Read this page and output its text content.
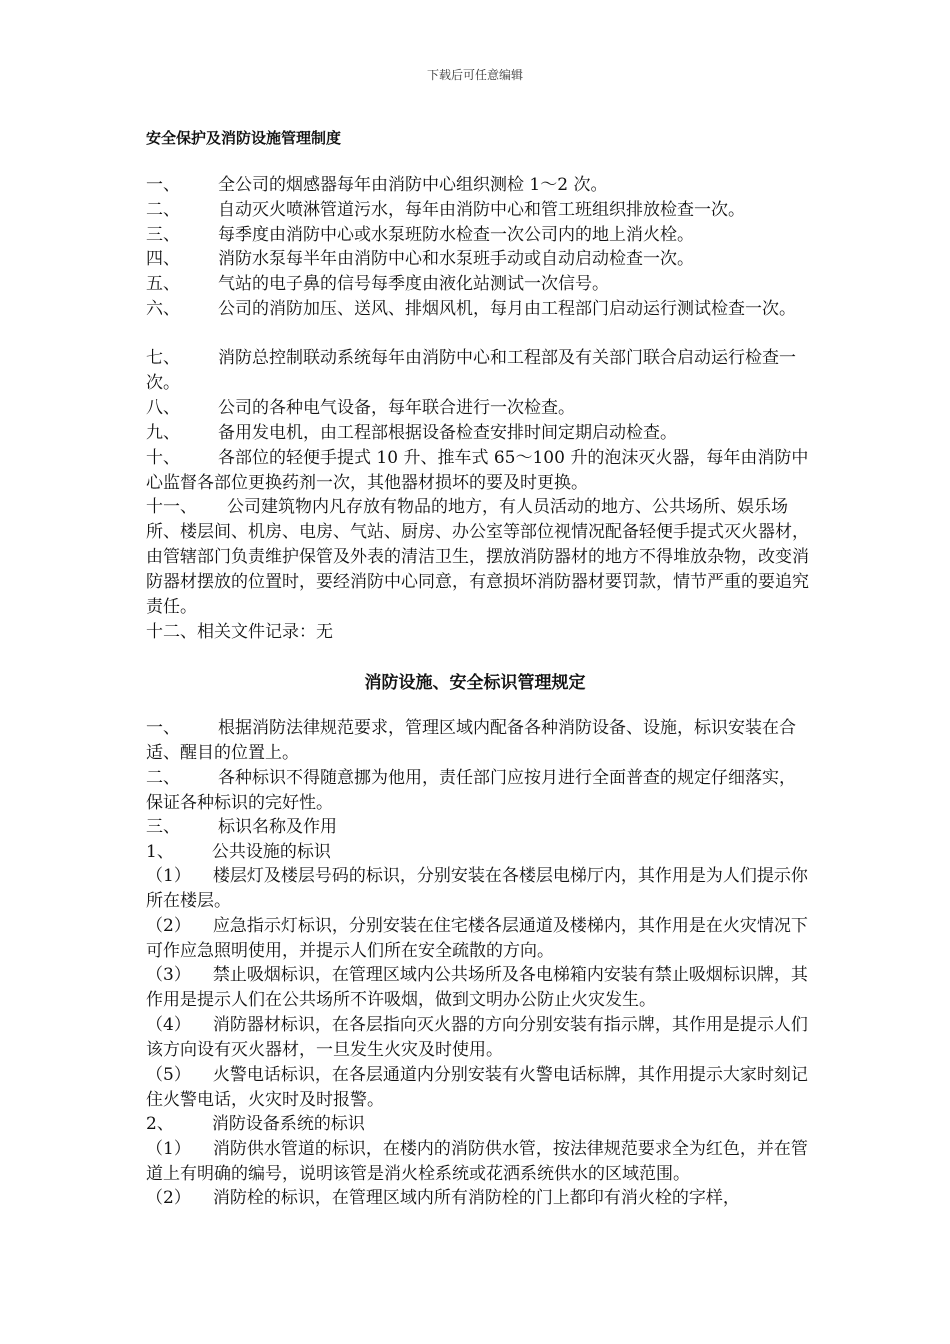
下载后可任意编辑
安全保护及消防设施管理制度
一、 全公司的烟感器每年由消防中心组织测检 1～2 次。
二、 自动灭火喷淋管道污水，每年由消防中心和管工班组织排放检查一次。
三、 每季度由消防中心或水泵班防水检查一次公司内的地上消火栓。
四、 消防水泵每半年由消防中心和水泵班手动或自动启动检查一次。
五、 气站的电子鼻的信号每季度由液化站测试一次信号。
六、 公司的消防加压、送风、排烟风机，每月由工程部门启动运行测试检查一次。
七、 消防总控制联动系统每年由消防中心和工程部及有关部门联合启动运行检查一次。
八、 公司的各种电气设备，每年联合进行一次检查。
九、 备用发电机，由工程部根据设备检查安排时间定期启动检查。
十、 各部位的轻便手提式 10 升、推车式 65～100 升的泡沫灭火器，每年由消防中心监督各部位更换药剂一次，其他器材损坏的要及时更换。
十一、 公司建筑物内凡存放有物品的地方，有人员活动的地方、公共场所、娱乐场所、楼层间、机房、电房、气站、厨房、办公室等部位视情况配备轻便手提式灭火器材，由管辖部门负责维护保管及外表的清洁卫生，摆放消防器材的地方不得堆放杂物，改变消防器材摆放的位置时，要经消防中心同意，有意损坏消防器材要罚款，情节严重的要追究责任。
十二、相关文件记录：无
消防设施、安全标识管理规定
一、 根据消防法律规范要求，管理区域内配备各种消防设备、设施，标识安装在合适、醒目的位置上。
二、 各种标识不得随意挪为他用，责任部门应按月进行全面普查的规定仔细落实，保证各种标识的完好性。
三、 标识名称及作用
1、 公共设施的标识
（1） 楼层灯及楼层号码的标识，分别安装在各楼层电梯厅内，其作用是为人们提示你所在楼层。
（2） 应急指示灯标识，分别安装在住宅楼各层通道及楼梯内，其作用是在火灾情况下可作应急照明使用，并提示人们所在安全疏散的方向。
（3） 禁止吸烟标识，在管理区域内公共场所及各电梯箱内安装有禁止吸烟标识牌，其作用是提示人们在公共场所不许吸烟，做到文明办公防止火灾发生。
（4） 消防器材标识，在各层指向灭火器的方向分别安装有指示牌，其作用是提示人们该方向设有灭火器材，一旦发生火灾及时使用。
（5） 火警电话标识，在各层通道内分别安装有火警电话标牌，其作用提示大家时刻记住火警电话，火灾时及时报警。
2、 消防设备系统的标识
（1） 消防供水管道的标识，在楼内的消防供水管，按法律规范要求全为红色，并在管道上有明确的编号，说明该管是消火栓系统或花洒系统供水的区域范围。
（2） 消防栓的标识，在管理区域内所有消防栓的门上都印有消火栓的字样，
